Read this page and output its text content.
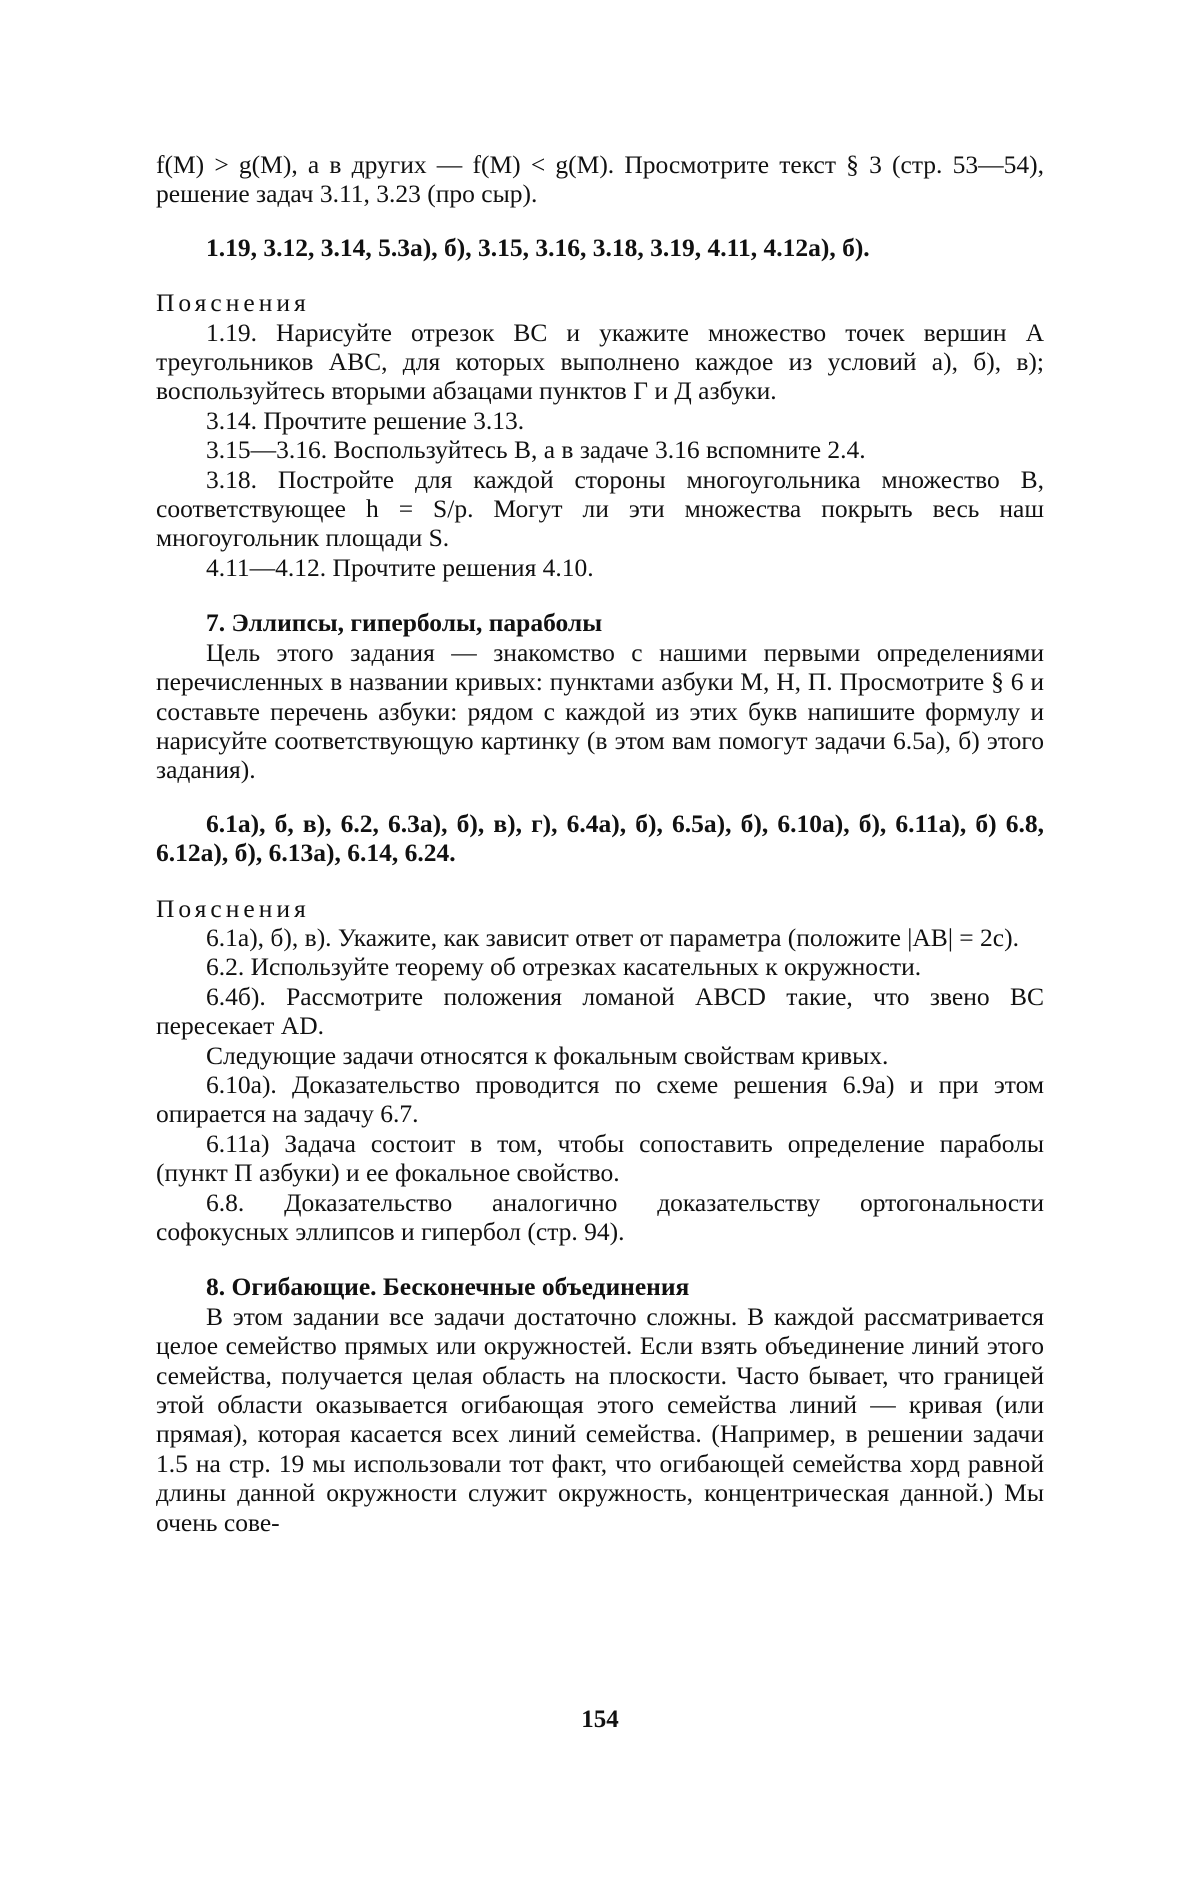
f(M) > g(M), а в других — f(M) < g(M). Просмотрите текст § 3 (стр. 53—54), решение задач 3.11, 3.23 (про сыр).

1.19, 3.12, 3.14, 5.3а), б), 3.15, 3.16, 3.18, 3.19, 4.11, 4.12а), б).

Пояснения

1.19. Нарисуйте отрезок BC и укажите множество точек вершин A треугольников ABC, для которых выполнено каждое из условий а), б), в); воспользуйтесь вторыми абзацами пунктов Г и Д азбуки.

3.14. Прочтите решение 3.13.

3.15—3.16. Воспользуйтесь В, а в задаче 3.16 вспомните 2.4.

3.18. Постройте для каждой стороны многоугольника множество В, соответствующее h = S/p. Могут ли эти множества покрыть весь наш многоугольник площади S.

4.11—4.12. Прочтите решения 4.10.

7. Эллипсы, гиперболы, параболы

Цель этого задания — знакомство с нашими первыми определениями перечисленных в названии кривых: пунктами азбуки М, Н, П. Просмотрите § 6 и составьте перечень азбуки: рядом с каждой из этих букв напишите формулу и нарисуйте соответствующую картинку (в этом вам помогут задачи 6.5а), б) этого задания).

6.1а), б, в), 6.2, 6.3а), б), в), г), 6.4а), б), 6.5а), б), 6.10а), б), 6.11а), б) 6.8, 6.12а), б), 6.13а), 6.14, 6.24.

Пояснения

6.1а), б), в). Укажите, как зависит ответ от параметра (положите |AB| = 2c).

6.2. Используйте теорему об отрезках касательных к окружности.

6.4б). Рассмотрите положения ломаной ABCD такие, что звено BC пересекает AD.

Следующие задачи относятся к фокальным свойствам кривых.

6.10а). Доказательство проводится по схеме решения 6.9а) и при этом опирается на задачу 6.7.

6.11а) Задача состоит в том, чтобы сопоставить определение параболы (пункт П азбуки) и ее фокальное свойство.

6.8. Доказательство аналогично доказательству ортогональности софокусных эллипсов и гипербол (стр. 94).

8. Огибающие. Бесконечные объединения

В этом задании все задачи достаточно сложны. В каждой рассматривается целое семейство прямых или окружностей. Если взять объединение линий этого семейства, получается целая область на плоскости. Часто бывает, что границей этой области оказывается огибающая этого семейства линий — кривая (или прямая), которая касается всех линий семейства. (Например, в решении задачи 1.5 на стр. 19 мы использовали тот факт, что огибающей семейства хорд равной длины данной окружности служит окружность, концентрическая данной.) Мы очень сове-

154
